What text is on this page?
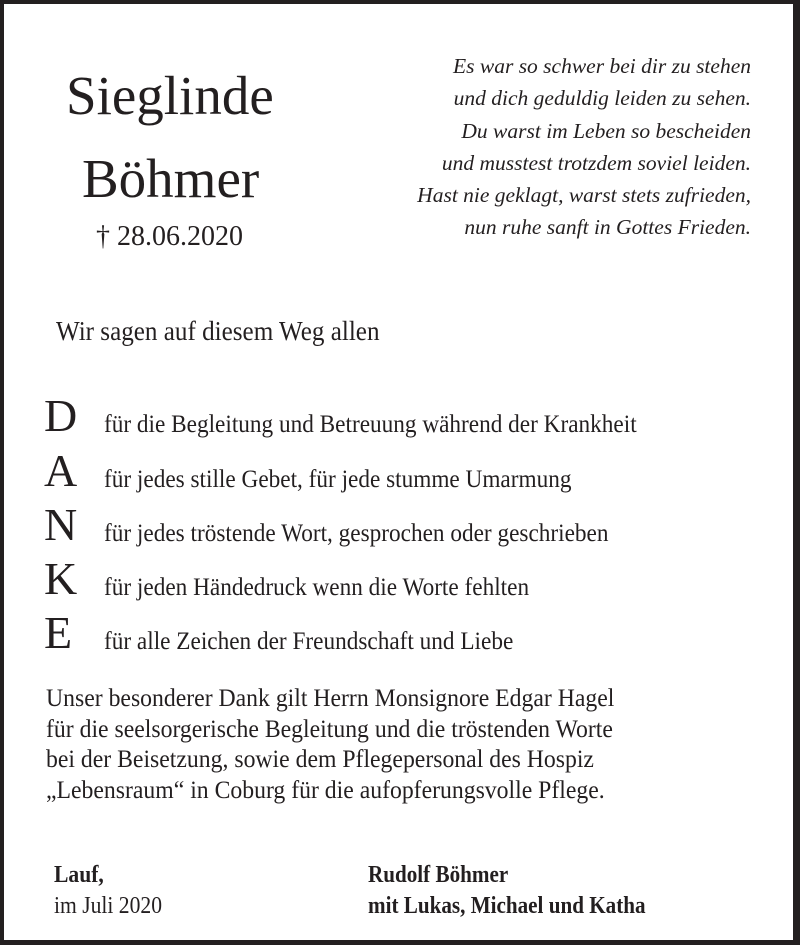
Sieglinde
Böhmer
† 28.06.2020
Es war so schwer bei dir zu stehen
und dich geduldig leiden zu sehen.
Du warst im Leben so bescheiden
und musstest trotzdem soviel leiden.
Hast nie geklagt, warst stets zufrieden,
nun ruhe sanft in Gottes Frieden.
Wir sagen auf diesem Weg allen
D	für die Begleitung und Betreuung während der Krankheit
A	für jedes stille Gebet, für jede stumme Umarmung
N	für jedes tröstende Wort, gesprochen oder geschrieben
K	für jeden Händedruck wenn die Worte fehlten
E	für alle Zeichen der Freundschaft und Liebe
Unser besonderer Dank gilt Herrn Monsignore Edgar Hagel
für die seelsorgerische Begleitung und die tröstenden Worte
bei der Beisetzung, sowie dem Pflegepersonal des Hospiz
„Lebensraum“ in Coburg für die aufopferungsvolle Pflege.
Lauf,
im Juli 2020
Rudolf Böhmer
mit Lukas, Michael und Katha
